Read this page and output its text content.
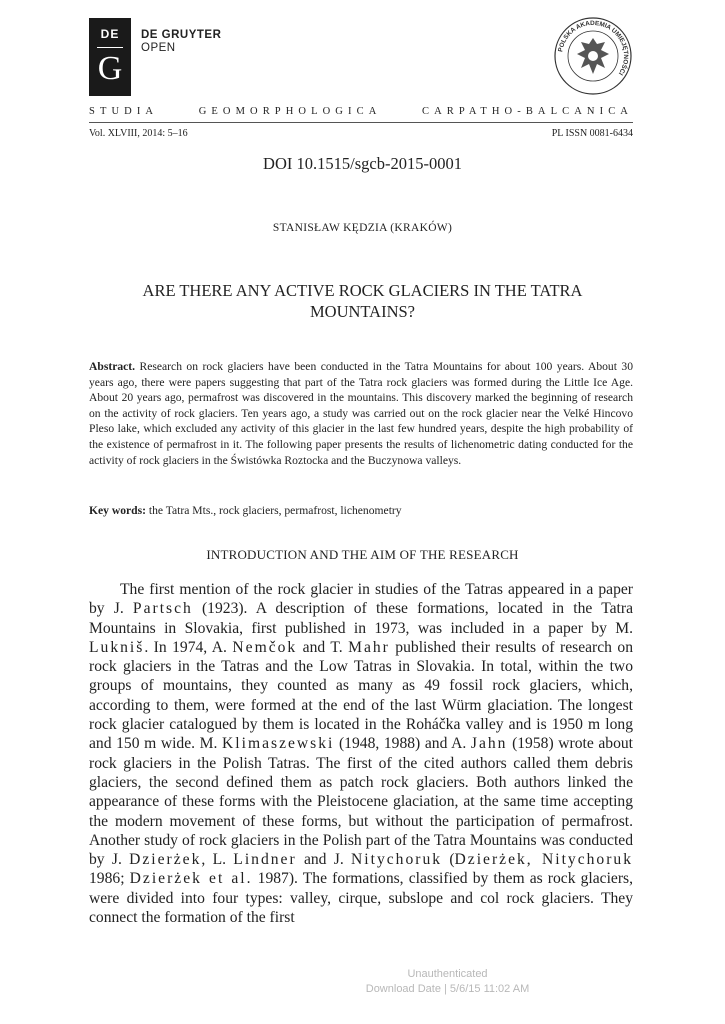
DE
G
DE GRUYTER
OPEN	POLSKA AKADEMIA UMIEJĘTNOŚCI
STUDIA	GEOMORPHOLOGICA	CARPATHO-BALCANICA
Vol. XLVIII, 2014: 5–16	PL ISSN 0081-6434
DOI 10.1515/sgcb-2015-0001
STANISŁAW KĘDZIA (KRAKÓW)
ARE THERE ANY ACTIVE ROCK GLACIERS IN THE TATRA MOUNTAINS?

Abstract. Research on rock glaciers have been conducted in the Tatra Mountains for about 100 years. About 30 years ago, there were papers suggesting that part of the Tatra rock glaciers was formed during the Little Ice Age. About 20 years ago, permafrost was discovered in the mountains. This discovery marked the beginning of research on the activity of rock glaciers. Ten years ago, a study was carried out on the rock glacier near the Velké Hincovo Pleso lake, which excluded any activity of this glacier in the last few hundred years, despite the high probability of the existence of permafrost in it. The following paper presents the results of lichenometric dating conducted for the activity of rock glaciers in the Świstówka Roztocka and the Buczynowa valleys.

Key words: the Tatra Mts., rock glaciers, permafrost, lichenometry
INTRODUCTION AND THE AIM OF THE RESEARCH

The first mention of the rock glacier in studies of the Tatras appeared in a paper by J. Partsch (1923). A description of these formations, located in the Tatra Mountains in Slovakia, first published in 1973, was included in a paper by M. Lukniš. In 1974, A. Nemčok and T. Mahr published their results of research on rock glaciers in the Tatras and the Low Tatras in Slovakia. In total, within the two groups of mountains, they counted as many as 49 fossil rock glaciers, which, according to them, were formed at the end of the last Würm glaciation. The longest rock glacier catalogued by them is located in the Roháčka valley and is 1950 m long and 150 m wide. M. Klimaszewski (1948, 1988) and A. Jahn (1958) wrote about rock glaciers in the Polish Tatras. The first of the cited authors called them debris glaciers, the second defined them as patch rock glaciers. Both authors linked the appearance of these forms with the Pleistocene glaciation, at the same time accepting the modern movement of these forms, but without the participation of permafrost. Another study of rock glaciers in the Polish part of the Tatra Mountains was conducted by J. Dzierżek, L. Lindner and J. Nitychoruk (Dzierżek, Nitychoruk 1986; Dzierżek et al. 1987). The formations, classified by them as rock glaciers, were divided into four types: valley, cirque, subslope and col rock glaciers. They connect the formation of the first

Unauthenticated
Download Date | 5/6/15 11:02 AM
